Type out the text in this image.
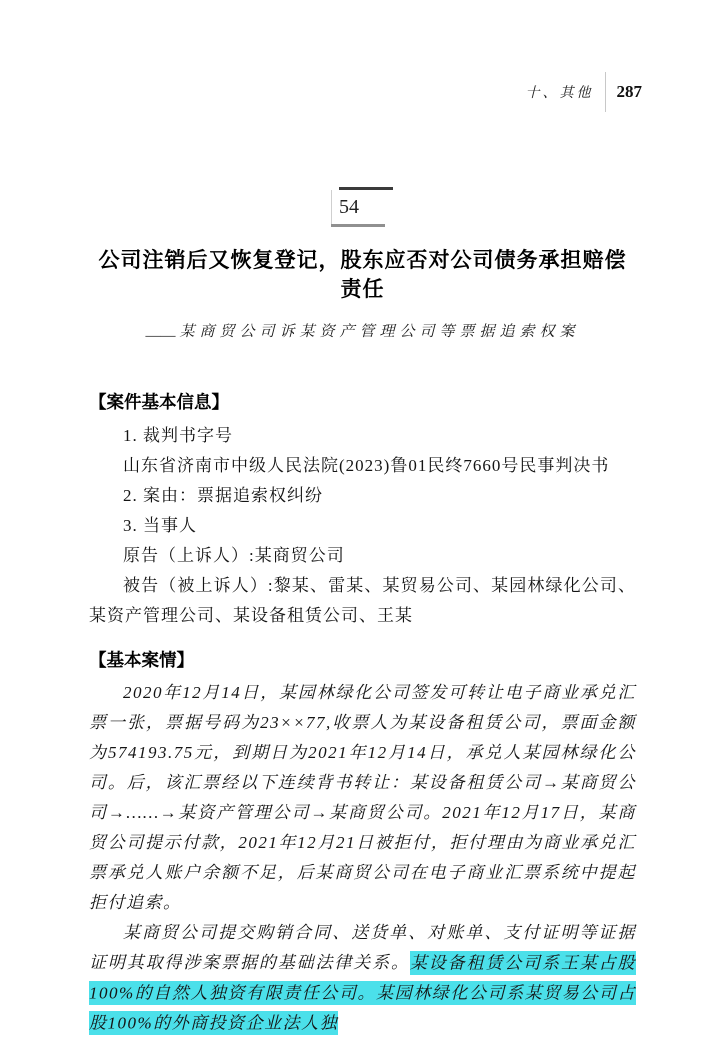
十、其他 287
54
公司注销后又恢复登记，股东应否对公司债务承担赔偿责任

—— 某商贸公司诉某资产管理公司等票据追索权案

【案件基本信息】

1. 裁判书字号

山东省济南市中级人民法院(2023)鲁01民终7660号民事判决书

2. 案由：票据追索权纠纷

3. 当事人

原告（上诉人）:某商贸公司

被告（被上诉人）:黎某、雷某、某贸易公司、某园林绿化公司、某资产管理公司、某设备租赁公司、王某

【基本案情】

2020年12月14日，某园林绿化公司签发可转让电子商业承兑汇票一张，票据号码为23××77,收票人为某设备租赁公司，票面金额为574193.75元，到期日为2021年12月14日，承兑人某园林绿化公司。后，该汇票经以下连续背书转让：某设备租赁公司→某商贸公司→……→某资产管理公司→某商贸公司。2021年12月17日，某商贸公司提示付款，2021年12月21日被拒付，拒付理由为商业承兑汇票承兑人账户余额不足，后某商贸公司在电子商业汇票系统中提起拒付追索。

某商贸公司提交购销合同、送货单、对账单、支付证明等证据证明其取得涉案票据的基础法律关系。某设备租赁公司系王某占股100%的自然人独资有限责任公司。某园林绿化公司系某贸易公司占股100%的外商投资企业法人独
